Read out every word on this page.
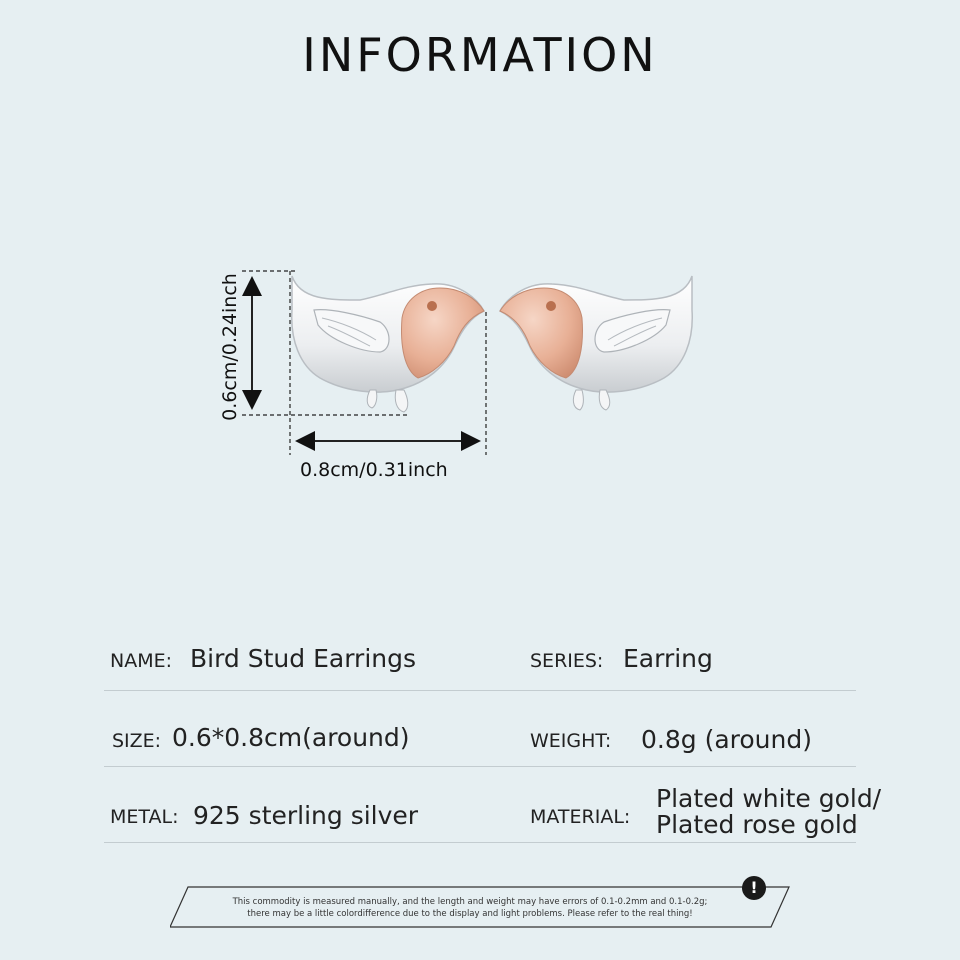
INFORMATION
0.8cm/0.31inch
0.6cm/0.24inch
NAME: Bird Stud Earrings	SERIES: Earring
SIZE: 0.6*0.8cm(around)	WEIGHT: 0.8g (around)
METAL: 925 sterling silver	MATERIAL:
Plated white gold/
Plated rose gold
This commodity is measured manually, and the length and weight may have errors of 0.1-0.2mm and 0.1-0.2g;
there may be a little colordifference due to the display and light problems. Please refer to the real thing!
!
